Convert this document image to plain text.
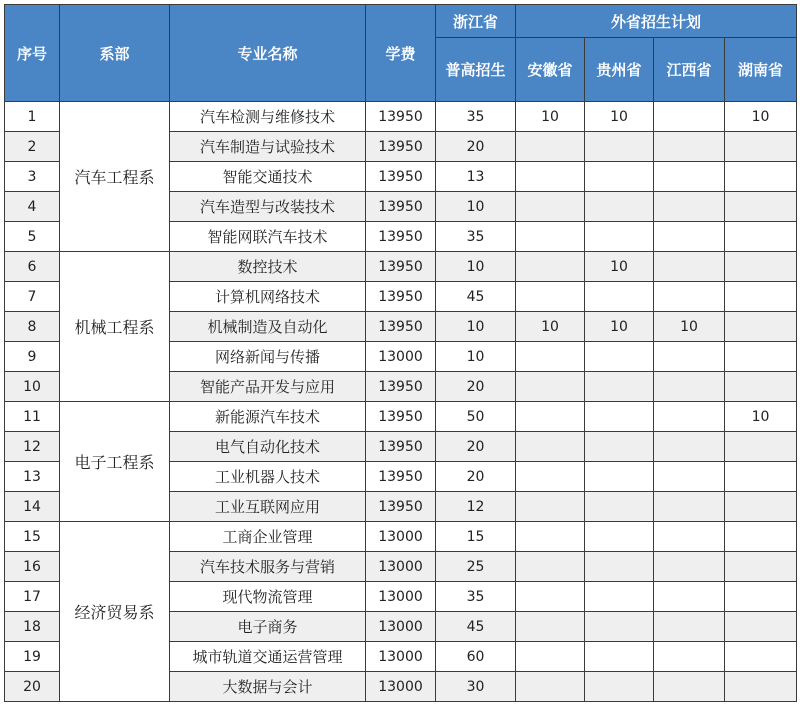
序号	系部	专业名称	学费	浙江省	外省招生计划			
				普高招生	安徽省	贵州省	江西省	湖南省
1	汽车工程系	汽车检测与维修技术	13950	35	10	10		10
2		汽车制造与试验技术	13950	20				
3		智能交通技术	13950	13				
4		汽车造型与改装技术	13950	10				
5		智能网联汽车技术	13950	35				
6	机械工程系	数控技术	13950	10		10		
7		计算机网络技术	13950	45				
8		机械制造及自动化	13950	10	10	10	10	
9		网络新闻与传播	13000	10				
10		智能产品开发与应用	13950	20				
11	电子工程系	新能源汽车技术	13950	50				10
12		电气自动化技术	13950	20				
13		工业机器人技术	13950	20				
14		工业互联网应用	13950	12				
15	经济贸易系	工商企业管理	13000	15				
16		汽车技术服务与营销	13000	25				
17		现代物流管理	13000	35				
18		电子商务	13000	45				
19		城市轨道交通运营管理	13000	60				
20		大数据与会计	13000	30				
